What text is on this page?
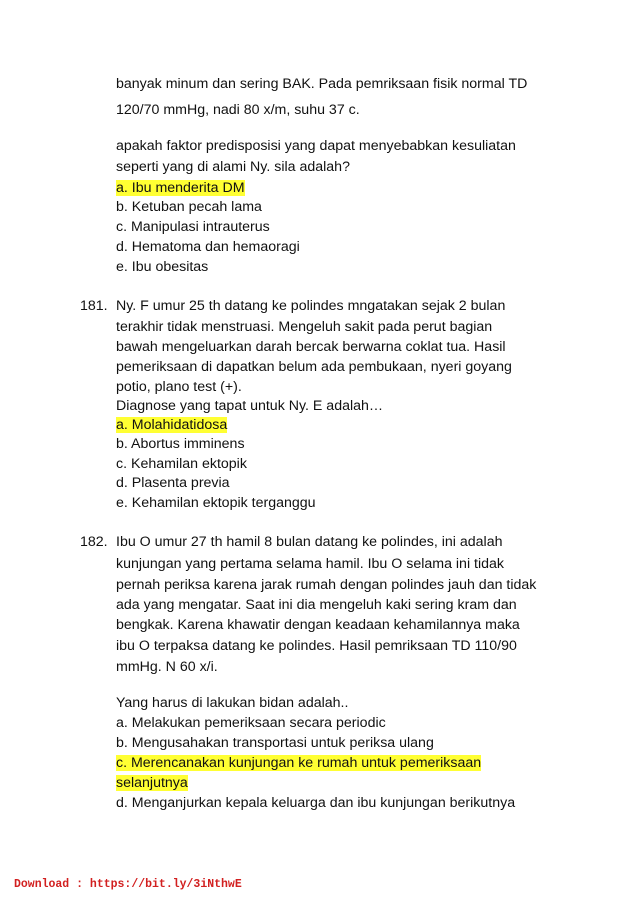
banyak minum dan sering BAK. Pada pemriksaan fisik normal TD
120/70 mmHg, nadi 80 x/m, suhu 37 c.
apakah faktor predisposisi yang dapat menyebabkan kesuliatan
seperti yang di alami Ny. sila adalah?
a. Ibu menderita DM
b. Ketuban pecah lama
c. Manipulasi intrauterus
d. Hematoma dan hemaoragi
e. Ibu obesitas
181. Ny. F umur 25 th datang ke polindes mngatakan sejak 2 bulan
terakhir tidak menstruasi. Mengeluh sakit pada perut bagian
bawah mengeluarkan darah bercak berwarna coklat tua. Hasil
pemeriksaan di dapatkan belum ada pembukaan, nyeri goyang
potio, plano test (+).
Diagnose yang tapat untuk Ny. E adalah…
a. Molahidatidosa
b. Abortus imminens
c. Kehamilan ektopik
d. Plasenta previa
e. Kehamilan ektopik terganggu
182. Ibu O umur 27 th hamil 8 bulan datang ke polindes, ini adalah
kunjungan yang pertama selama hamil. Ibu O selama ini tidak
pernah periksa karena jarak rumah dengan polindes jauh dan tidak
ada yang mengatar. Saat ini dia mengeluh kaki sering kram dan
bengkak. Karena khawatir dengan keadaan kehamilannya maka
ibu O terpaksa datang ke polindes. Hasil pemriksaan TD 110/90
mmHg. N 60 x/i.
Yang harus di lakukan bidan adalah..
a. Melakukan pemeriksaan secara periodic
b. Mengusahakan transportasi untuk periksa ulang
c. Merencanakan kunjungan ke rumah untuk pemeriksaan
selanjutnya
d. Menganjurkan kepala keluarga dan ibu kunjungan berikutnya
Download : https://bit.ly/3iNthwE
